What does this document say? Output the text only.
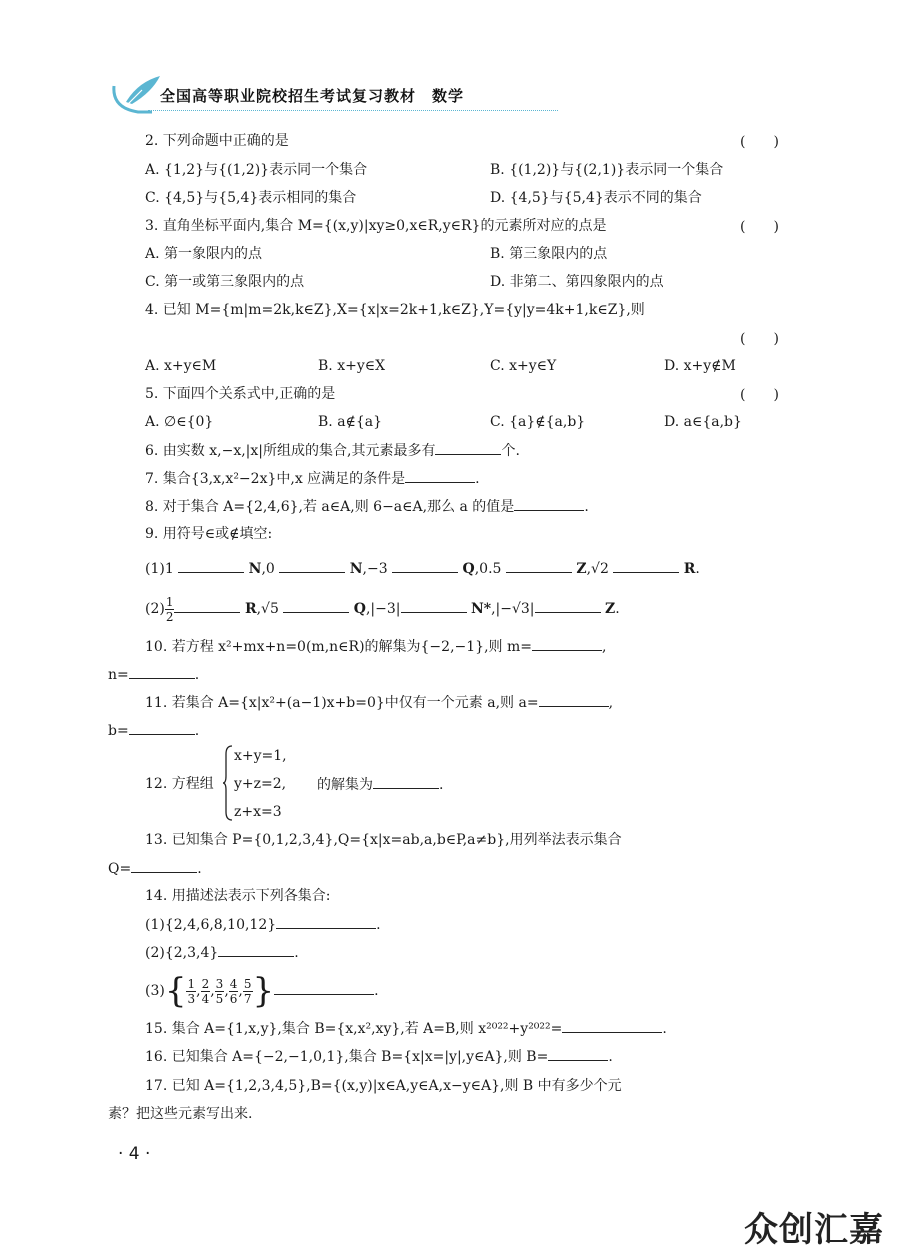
全国高等职业院校招生考试复习教材　数学
2. 下列命题中正确的是
A. {1,2}与{(1,2)}表示同一个集合	B. {(1,2)}与{(2,1)}表示同一个集合
C. {4,5}与{5,4}表示相同的集合	D. {4,5}与{5,4}表示不同的集合
3. 直角坐标平面内,集合 M={(x,y)|xy≥0,x∈R,y∈R}的元素所对应的点是
A. 第一象限内的点	B. 第三象限内的点
C. 第一或第三象限内的点	D. 非第二、第四象限内的点
4. 已知 M={m|m=2k,k∈Z},X={x|x=2k+1,k∈Z},Y={y|y=4k+1,k∈Z},则
A. x+y∈M	B. x+y∈X	C. x+y∈Y	D. x+y∉M
5. 下面四个关系式中,正确的是
A. ∅∈{0}	B. a∉{a}	C. {a}∉{a,b}	D. a∈{a,b}
(　　)
(　　)
(　　)
(　　)
6. 由实数 x,−x,|x|所组成的集合,其元素最多有	个.
7. 集合{3,x,x²−2x}中,x 应满足的条件是	.
8. 对于集合 A={2,4,6},若 a∈A,则 6−a∈A,那么 a 的值是	.
9. 用符号∈或∉填空:
(1)1	N,0	N,−3	Q,0.5	Z,√2	R.
$(2) \frac{1}{2}$	R,√5	Q,|−3|	N*,|−√3|	Z.
10. 若方程 x²+mx+n=0(m,n∈R)的解集为{−2,−1},则 m=	,
n=	.
11. 若集合 A={x|x²+(a−1)x+b=0}中仅有一个元素 a,则 a=	,
b=	.
12. 方程组
x+y=1,
y+z=2,
z+x=3
的解集为	.
13. 已知集合 P={0,1,2,3,4},Q={x|x=ab,a,b∈P,a≠b},用列举法表示集合
Q=	.
14. 用描述法表示下列各集合:
(1){2,4,6,8,10,12}	.
(2){2,3,4}	.
$(3)\{ \frac{1}{3}$ , $\frac{2}{4}$ , $\frac{3}{5}$ , $\frac{4}{6}$ , $\frac{5}{7}$ }	.
15. 集合 A={1,x,y},集合 B={x,x²,xy},若 A=B,则 x²⁰²²+y²⁰²²=	.
16. 已知集合 A={−2,−1,0,1},集合 B={x|x=|y|,y∈A},则 B=	.
17. 已知 A={1,2,3,4,5},B={(x,y)|x∈A,y∈A,x−y∈A},则 B 中有多少个元
素？把这些元素写出来.
· 4 ·
众创汇嘉
